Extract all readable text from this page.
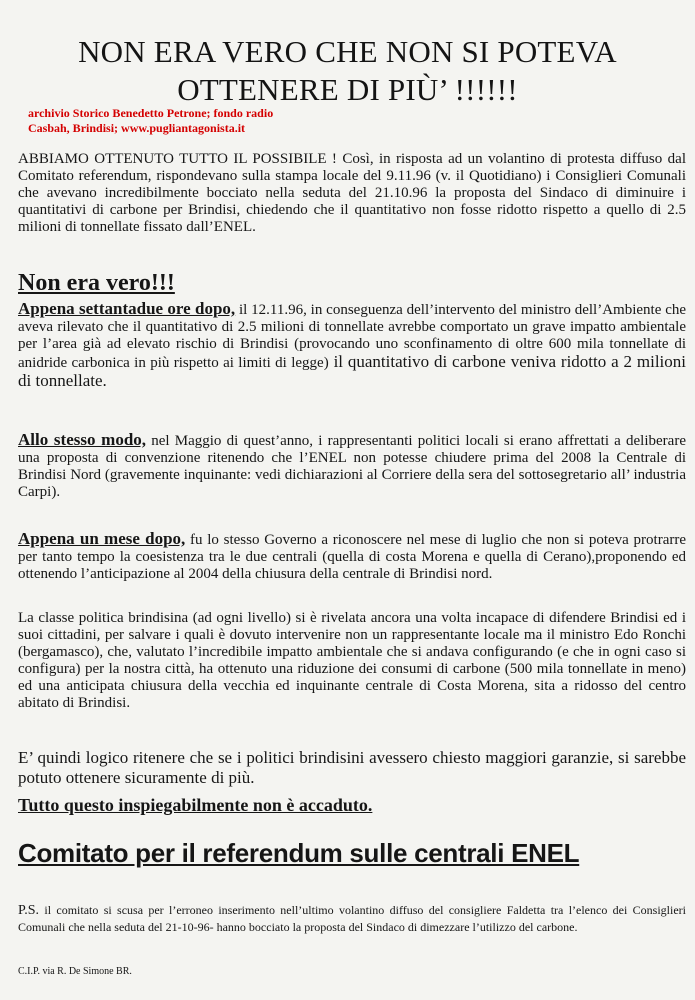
NON ERA VERO CHE NON SI POTEVA
OTTENERE DI PIÙ’ !!!!!!
archivio Storico Benedetto Petrone; fondo radio
Casbah, Brindisi; www.pugliantagonista.it
ABBIAMO OTTENUTO TUTTO IL POSSIBILE ! Così, in risposta ad un volantino di protesta diffuso dal Comitato referendum, rispondevano sulla stampa locale del 9.11.96 (v. il Quotidiano) i Consiglieri Comunali che avevano incredibilmente bocciato nella seduta del 21.10.96 la proposta del Sindaco di diminuire i quantitativi di carbone per Brindisi, chiedendo che il quantitativo non fosse ridotto rispetto a quello di 2.5 milioni di tonnellate fissato dall’ENEL.
Non era vero!!!
Appena settantadue ore dopo, il 12.11.96, in conseguenza dell’intervento del ministro dell’Ambiente che aveva rilevato che il quantitativo di 2.5 milioni di tonnellate avrebbe comportato un grave impatto ambientale per l’area già ad elevato rischio di Brindisi (provocando uno sconfinamento di oltre 600 mila tonnellate di anidride carbonica in più rispetto ai limiti di legge) il quantitativo di carbone veniva ridotto a 2 milioni di tonnellate.
Allo stesso modo, nel Maggio di quest’anno, i rappresentanti politici locali si erano affrettati a deliberare una proposta di convenzione ritenendo che l’ENEL non potesse chiudere prima del 2008 la Centrale di Brindisi Nord (gravemente inquinante: vedi dichiarazioni al Corriere della sera del sottosegretario all’ industria Carpi).
Appena un mese dopo, fu lo stesso Governo a riconoscere nel mese di luglio che non si poteva protrarre per tanto tempo la coesistenza tra le due centrali (quella di costa Morena e quella di Cerano),proponendo ed ottenendo l’anticipazione al 2004 della chiusura della centrale di Brindisi nord.
La classe politica brindisina (ad ogni livello) si è rivelata ancora una volta incapace di difendere Brindisi ed i suoi cittadini, per salvare i quali è dovuto intervenire non un rappresentante locale ma il ministro Edo Ronchi (bergamasco), che, valutato l’incredibile impatto ambientale che si andava configurando (e che in ogni caso si configura) per la nostra città, ha ottenuto una riduzione dei consumi di carbone (500 mila tonnellate in meno) ed una anticipata chiusura della vecchia ed inquinante centrale di Costa Morena, sita a ridosso del centro abitato di Brindisi.
E’ quindi logico ritenere che se i politici brindisini avessero chiesto maggiori garanzie, si sarebbe potuto ottenere sicuramente di più.
Tutto questo inspiegabilmente non è accaduto.
Comitato per il referendum sulle centrali ENEL
P.S. il comitato si scusa per l’erroneo inserimento nell’ultimo volantino diffuso del consigliere Faldetta tra l’elenco dei Consiglieri Comunali che nella seduta del 21-10-96- hanno bocciato la proposta del Sindaco di dimezzare l’utilizzo del carbone.
C.I.P. via R. De Simone BR.
